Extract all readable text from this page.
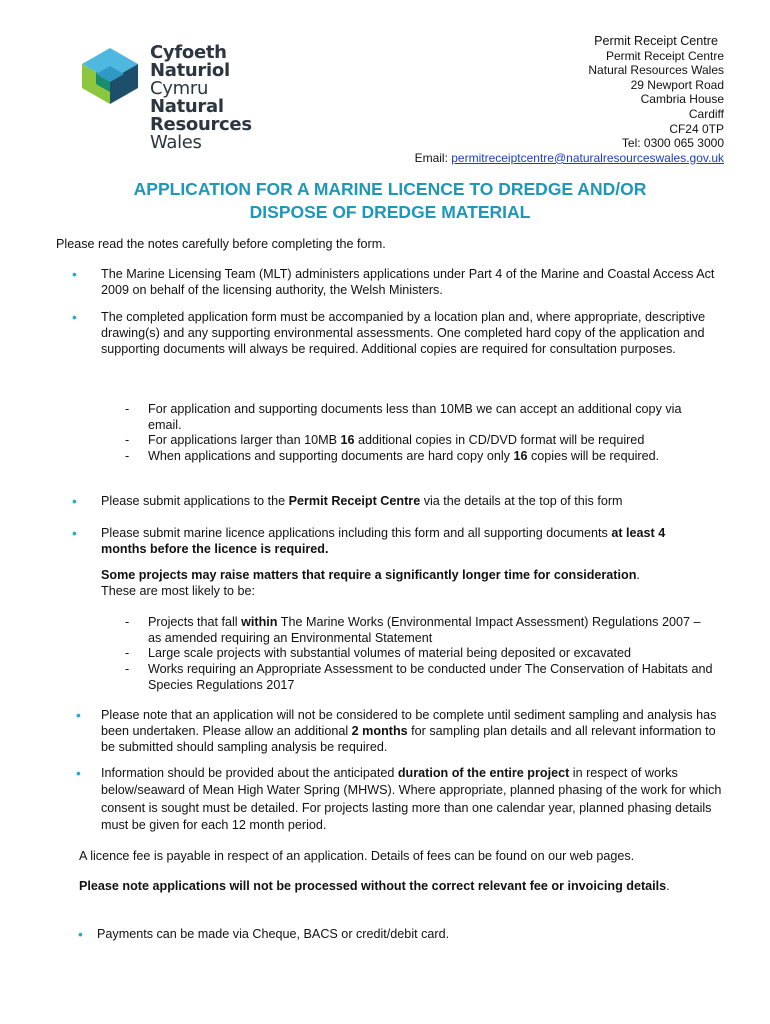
Cyfoeth
Naturiol
Cymru
Natural
Resources
Wales
Permit Receipt Centre
Permit Receipt Centre
Natural Resources Wales
29 Newport Road
Cambria House
Cardiff
CF24 0TP
Tel: 0300 065 3000
Email: permitreceiptcentre@naturalresourceswales.gov.uk
APPLICATION FOR A MARINE LICENCE TO DREDGE AND/OR
DISPOSE OF DREDGE MATERIAL

Please read the notes carefully before completing the form.

• The Marine Licensing Team (MLT) administers applications under Part 4 of the Marine and Coastal Access Act 2009 on behalf of the licensing authority, the Welsh Ministers.

• The completed application form must be accompanied by a location plan and, where appropriate, descriptive drawing(s) and any supporting environmental assessments. One completed hard copy of the application and supporting documents will always be required. Additional copies are required for consultation purposes.

- For application and supporting documents less than 10MB we can accept an additional copy via email.

- For applications larger than 10MB 16 additional copies in CD/DVD format will be required

- When applications and supporting documents are hard copy only 16 copies will be required.

• Please submit applications to the Permit Receipt Centre via the details at the top of this form

• Please submit marine licence applications including this form and all supporting documents at least 4 months before the licence is required.

Some projects may raise matters that require a significantly longer time for consideration.
These are most likely to be:

- Projects that fall within The Marine Works (Environmental Impact Assessment) Regulations 2007 – as amended requiring an Environmental Statement

- Large scale projects with substantial volumes of material being deposited or excavated

- Works requiring an Appropriate Assessment to be conducted under The Conservation of Habitats and Species Regulations 2017

• Please note that an application will not be considered to be complete until sediment sampling and analysis has been undertaken. Please allow an additional 2 months for sampling plan details and all relevant information to be submitted should sampling analysis be required.

• Information should be provided about the anticipated duration of the entire project in respect of works below/seaward of Mean High Water Spring (MHWS). Where appropriate, planned phasing of the work for which consent is sought must be detailed. For projects lasting more than one calendar year, planned phasing details must be given for each 12 month period.

A licence fee is payable in respect of an application. Details of fees can be found on our web pages.

Please note applications will not be processed without the correct relevant fee or invoicing details.

• Payments can be made via Cheque, BACS or credit/debit card.
